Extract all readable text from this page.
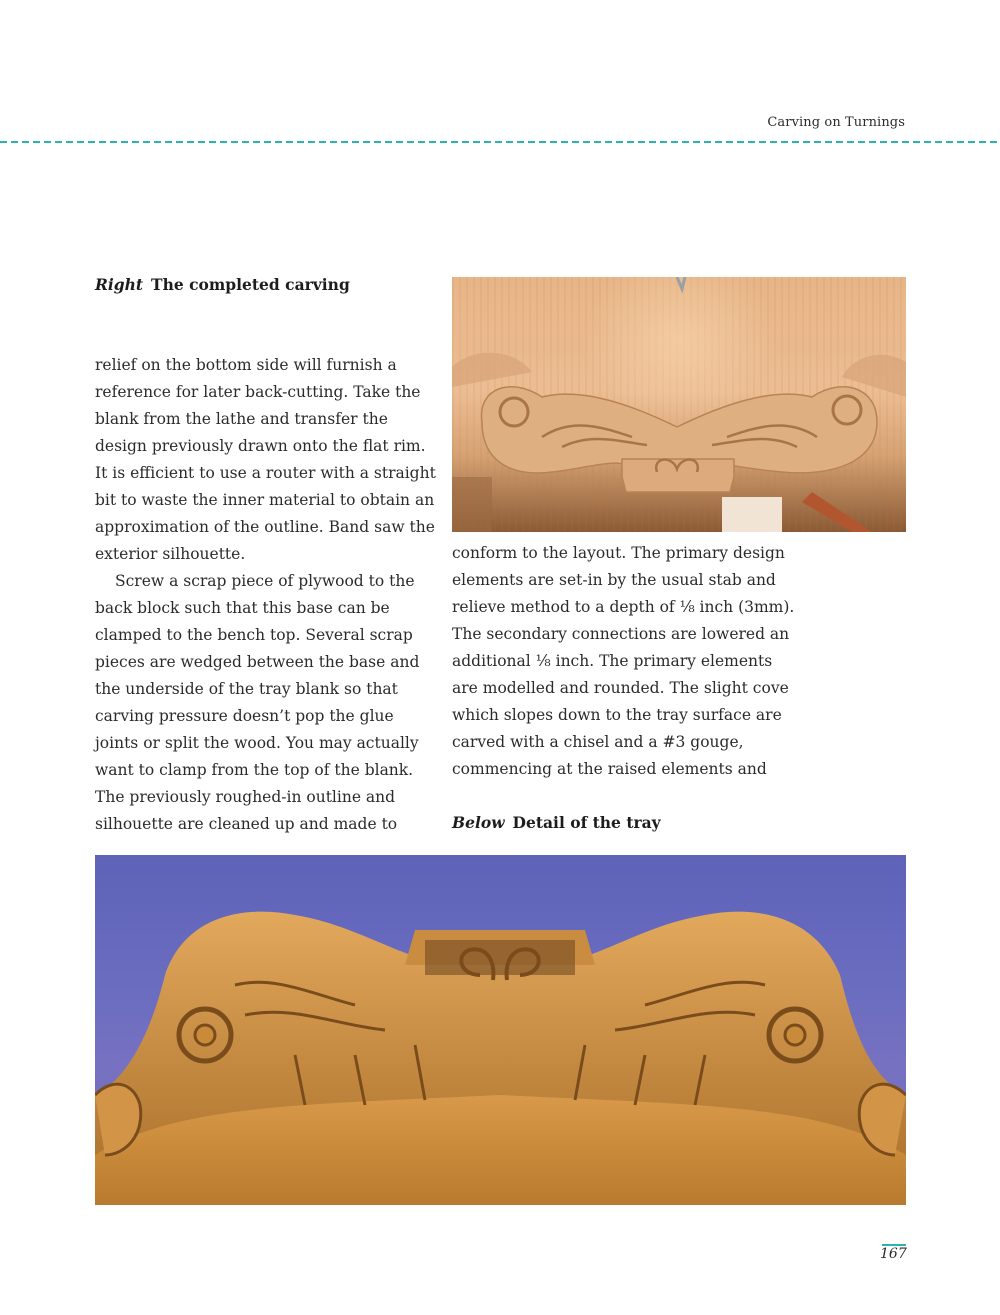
Carving on Turnings
Right The completed carving

relief on the bottom side will furnish a reference for later back-cutting. Take the blank from the lathe and transfer the design previously drawn onto the flat rim. It is efficient to use a router with a straight bit to waste the inner material to obtain an approximation of the outline. Band saw the exterior silhouette.

Screw a scrap piece of plywood to the back block such that this base can be clamped to the bench top. Several scrap pieces are wedged between the base and the underside of the tray blank so that carving pressure doesn’t pop the glue joints or split the wood. You may actually want to clamp from the top of the blank.

The previously roughed-in outline and silhouette are cleaned up and made to

conform to the layout. The primary design elements are set-in by the usual stab and relieve method to a depth of ⅛ inch (3mm). The secondary connections are lowered an additional ⅛ inch. The primary elements are modelled and rounded. The slight cove which slopes down to the tray surface are carved with a chisel and a #3 gouge, commencing at the raised elements and

Below Detail of the tray
167
